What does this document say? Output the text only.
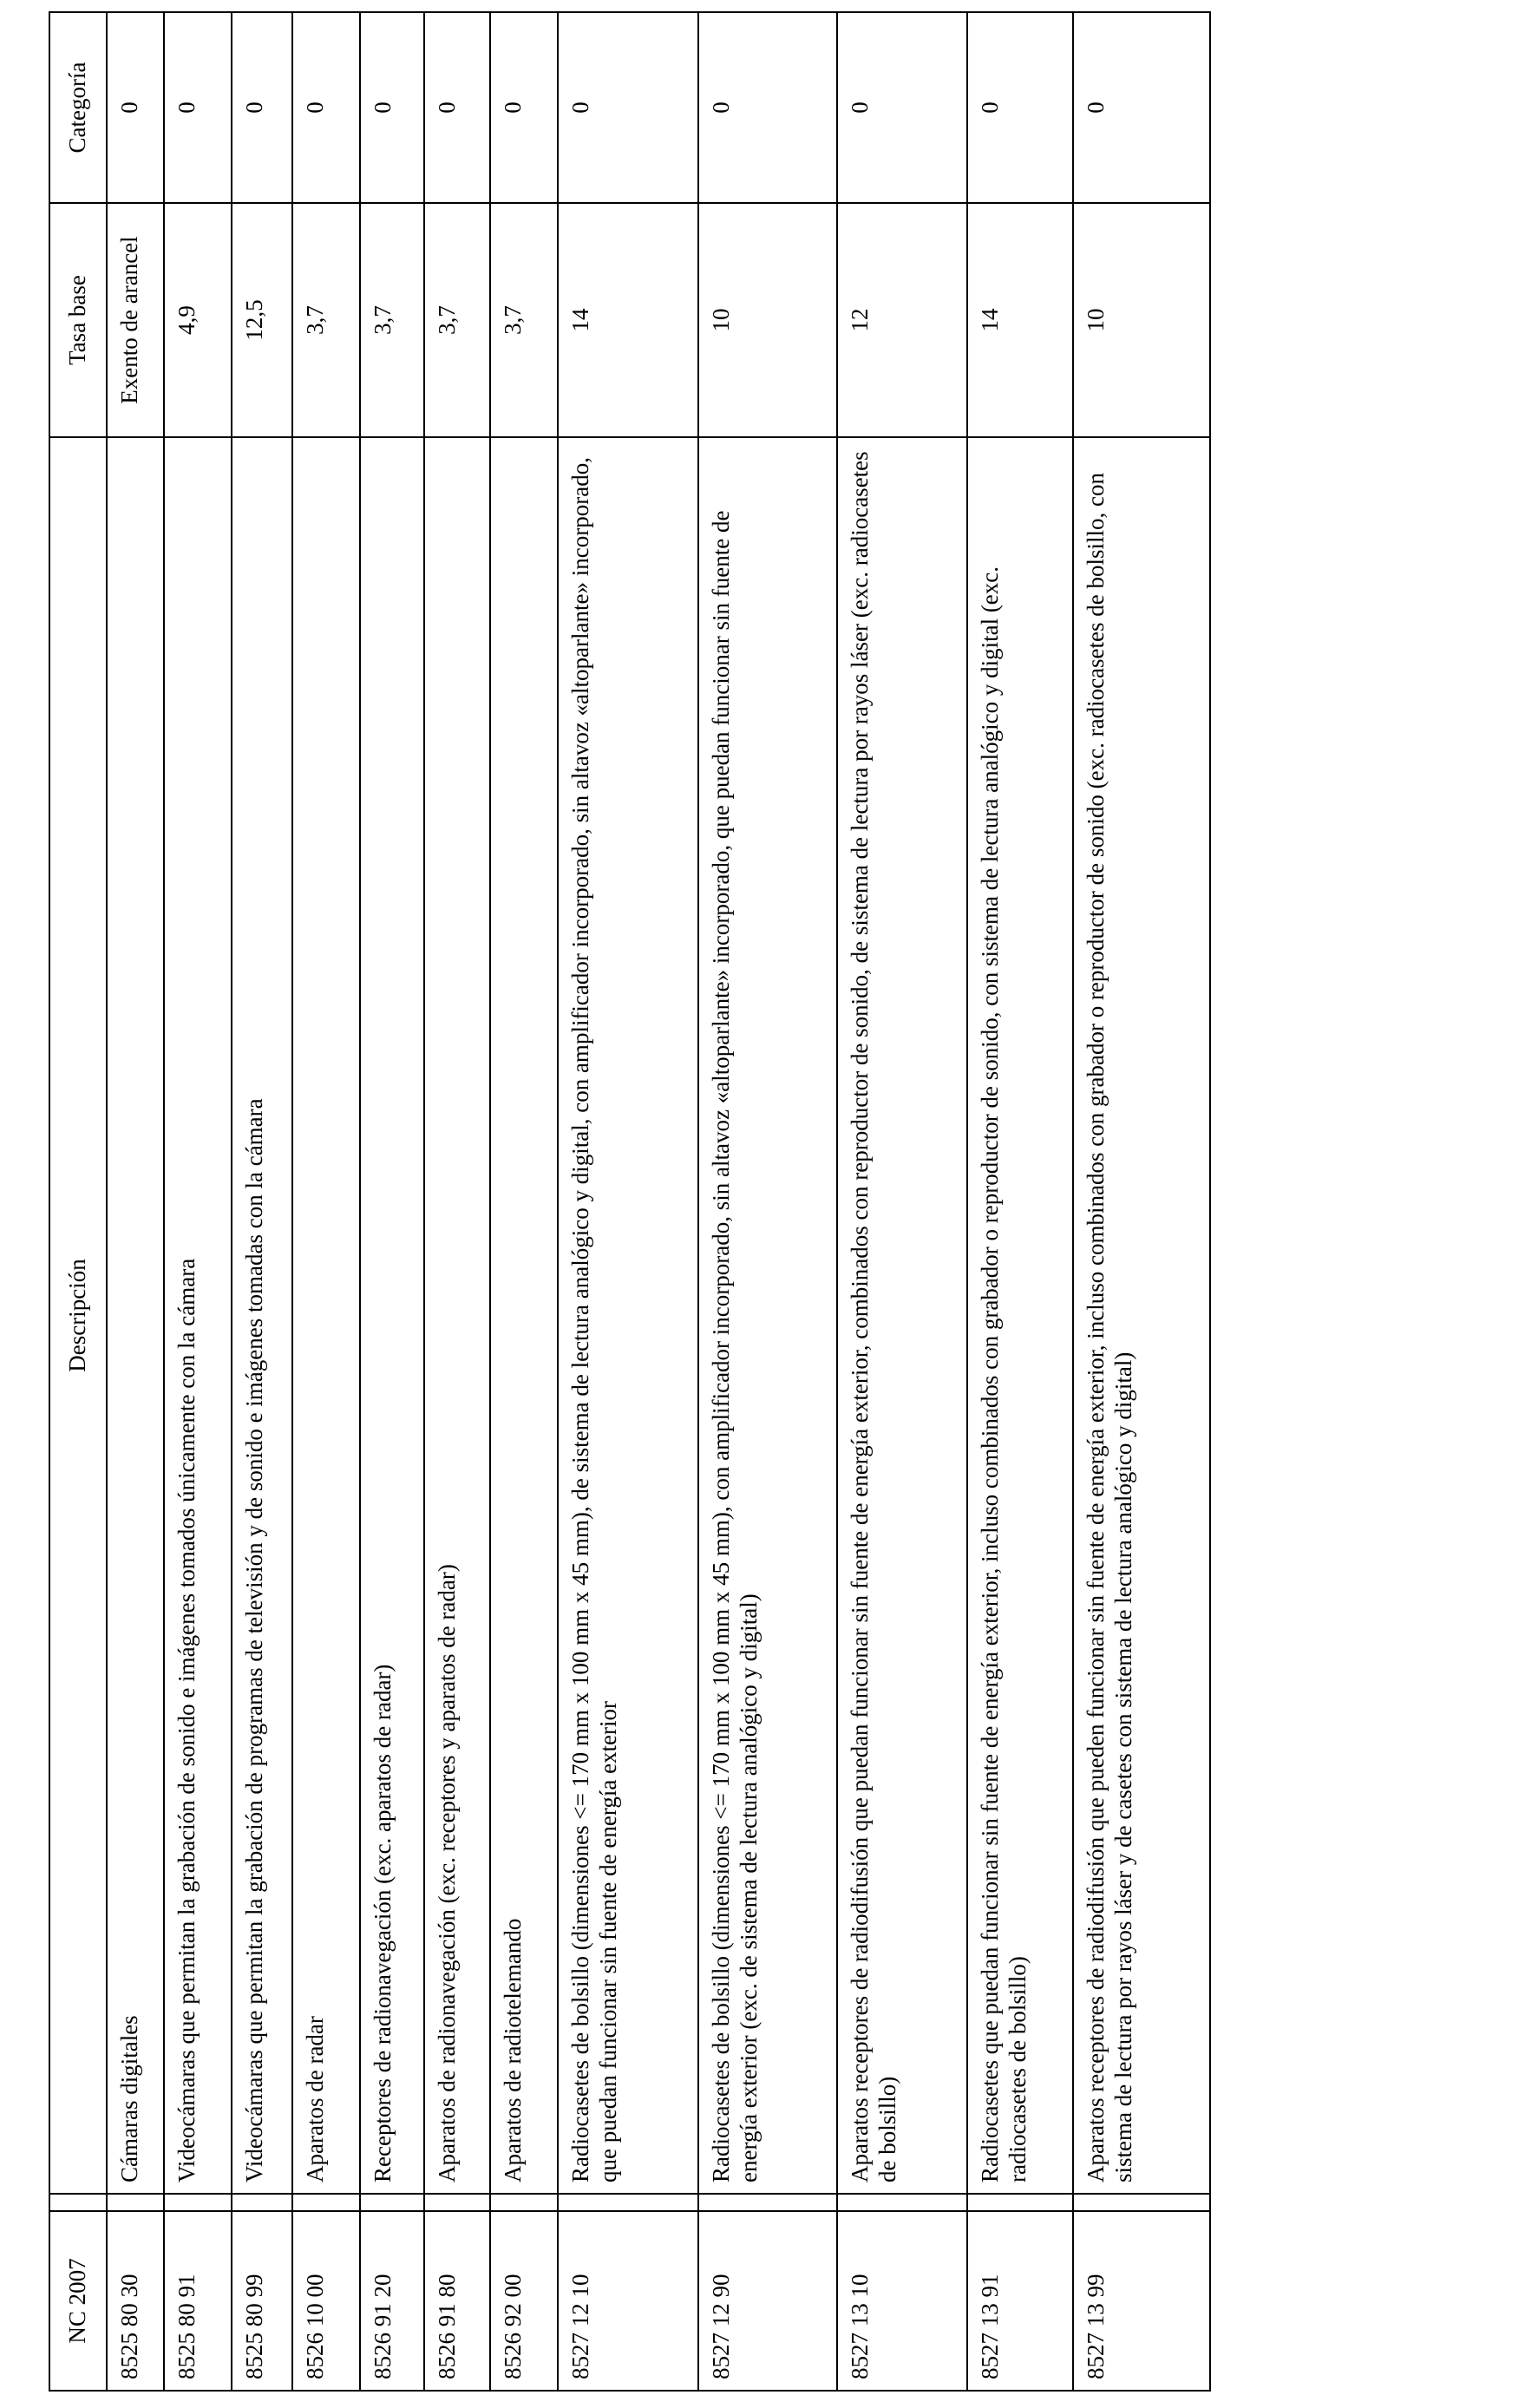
NC 2007		Descripción	Tasa base	Categoría
8525 80 30		Cámaras digitales	Exento de arancel	0
8525 80 91		Videocámaras que permitan la grabación de sonido e imágenes tomados únicamente con la cámara	4,9	0
8525 80 99		Videocámaras que permitan la grabación de programas de televisión y de sonido e imágenes tomadas con la cámara	12,5	0
8526 10 00		Aparatos de radar	3,7	0
8526 91 20		Receptores de radionavegación (exc. aparatos de radar)	3,7	0
8526 91 80		Aparatos de radionavegación (exc. receptores y aparatos de radar)	3,7	0
8526 92 00		Aparatos de radiotelemando	3,7	0
8527 12 10		Radiocasetes de bolsillo (dimensiones <= 170 mm x 100 mm x 45 mm), de sistema de lectura analógico y digital, con amplificador incorporado, sin altavoz «altoparlante» incorporado, que puedan funcionar sin fuente de energía exterior	14	0
8527 12 90		Radiocasetes de bolsillo (dimensiones <= 170 mm x 100 mm x 45 mm), con amplificador incorporado, sin altavoz «altoparlante» incorporado, que puedan funcionar sin fuente de energía exterior (exc. de sistema de lectura analógico y digital)	10	0
8527 13 10		Aparatos receptores de radiodifusión que puedan funcionar sin fuente de energía exterior, combinados con reproductor de sonido, de sistema de lectura por rayos láser (exc. radiocasetes de bolsillo)	12	0
8527 13 91		Radiocasetes que puedan funcionar sin fuente de energía exterior, incluso combinados con grabador o reproductor de sonido, con sistema de lectura analógico y digital (exc. radiocasetes de bolsillo)	14	0
8527 13 99		Aparatos receptores de radiodifusión que pueden funcionar sin fuente de energía exterior, incluso combinados con grabador o reproductor de sonido (exc. radiocasetes de bolsillo, con sistema de lectura por rayos láser y de casetes con sistema de lectura analógico y digital)	10	0
